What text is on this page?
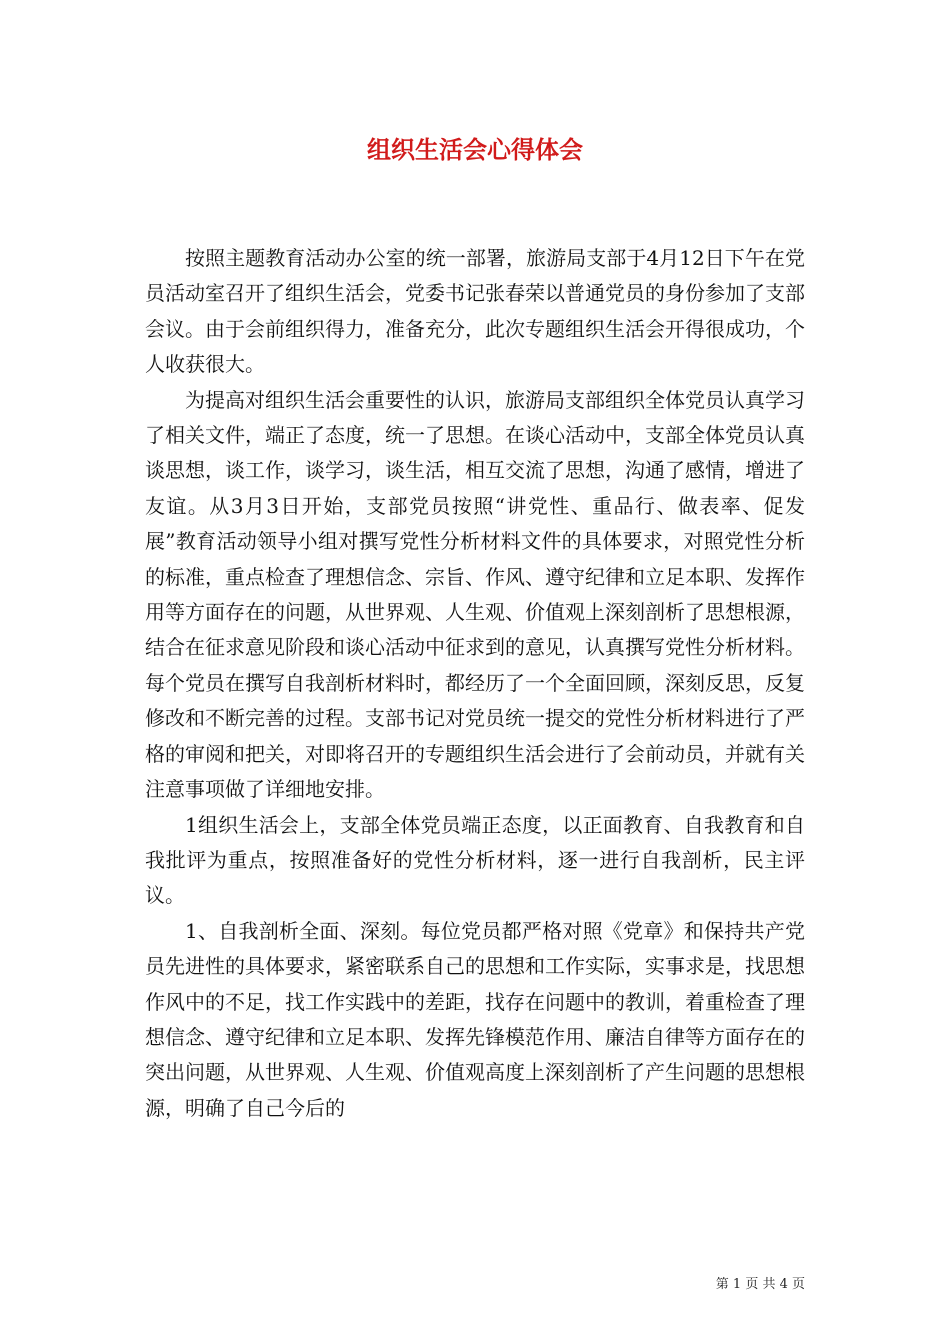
组织生活会心得体会

按照主题教育活动办公室的统一部署，旅游局支部于4月12日下午在党员活动室召开了组织生活会，党委书记张春荣以普通党员的身份参加了支部会议。由于会前组织得力，准备充分，此次专题组织生活会开得很成功，个人收获很大。

为提高对组织生活会重要性的认识，旅游局支部组织全体党员认真学习了相关文件，端正了态度，统一了思想。在谈心活动中，支部全体党员认真谈思想，谈工作，谈学习，谈生活，相互交流了思想，沟通了感情，增进了友谊。从3月3日开始，支部党员按照“讲党性、重品行、做表率、促发展”教育活动领导小组对撰写党性分析材料文件的具体要求，对照党性分析的标准，重点检查了理想信念、宗旨、作风、遵守纪律和立足本职、发挥作用等方面存在的问题，从世界观、人生观、价值观上深刻剖析了思想根源，结合在征求意见阶段和谈心活动中征求到的意见，认真撰写党性分析材料。每个党员在撰写自我剖析材料时，都经历了一个全面回顾，深刻反思，反复修改和不断完善的过程。支部书记对党员统一提交的党性分析材料进行了严格的审阅和把关，对即将召开的专题组织生活会进行了会前动员，并就有关注意事项做了详细地安排。

1组织生活会上，支部全体党员端正态度，以正面教育、自我教育和自我批评为重点，按照准备好的党性分析材料，逐一进行自我剖析，民主评议。

1、自我剖析全面、深刻。每位党员都严格对照《党章》和保持共产党员先进性的具体要求，紧密联系自己的思想和工作实际，实事求是，找思想作风中的不足，找工作实践中的差距，找存在问题中的教训，着重检查了理想信念、遵守纪律和立足本职、发挥先锋模范作用、廉洁自律等方面存在的突出问题，从世界观、人生观、价值观高度上深刻剖析了产生问题的思想根源，明确了自己今后的

第 1 页 共 4 页
